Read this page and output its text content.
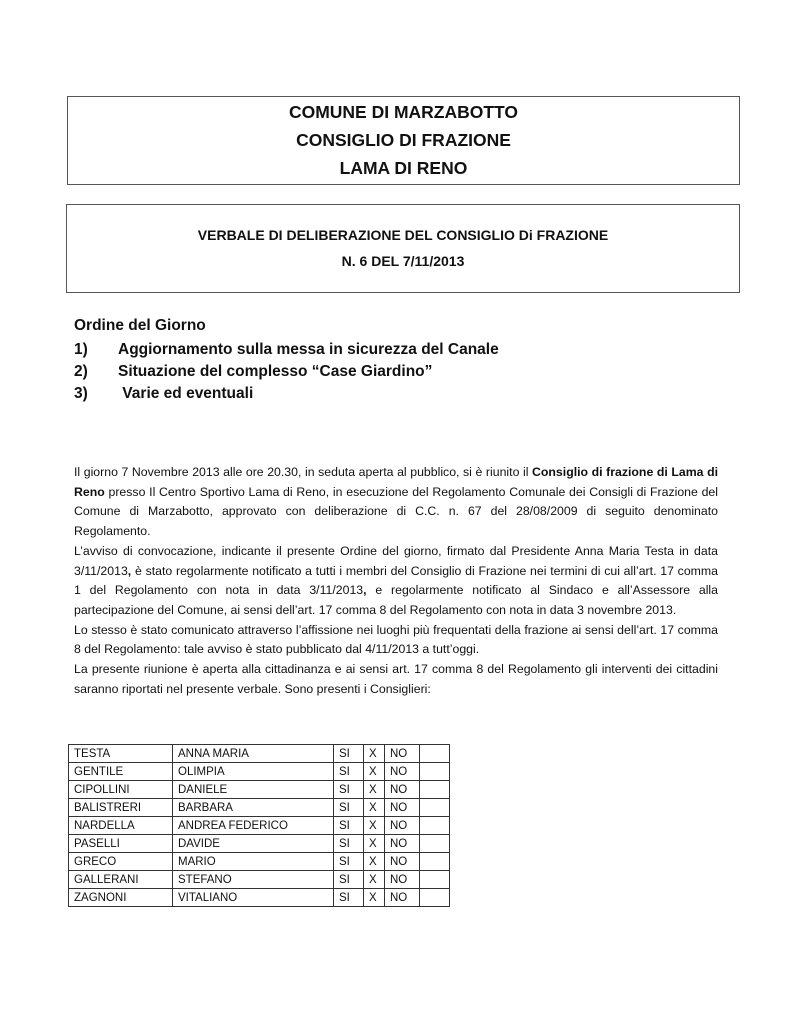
COMUNE DI MARZABOTTO
CONSIGLIO DI FRAZIONE
LAMA DI RENO
VERBALE DI DELIBERAZIONE DEL CONSIGLIO Di FRAZIONE
N. 6 DEL 7/11/2013
Ordine del Giorno
1)	Aggiornamento sulla messa in sicurezza del Canale
2)	Situazione del complesso “Case Giardino”
3)	Varie ed eventuali

Il giorno 7 Novembre 2013 alle ore 20.30, in seduta aperta al pubblico, si è riunito il Consiglio di frazione di Lama di Reno presso Il Centro Sportivo Lama di Reno, in esecuzione del Regolamento Comunale dei Consigli di Frazione del Comune di Marzabotto, approvato con deliberazione di C.C. n. 67 del 28/08/2009 di seguito denominato Regolamento.

L’avviso di convocazione, indicante il presente Ordine del giorno, firmato dal Presidente Anna Maria Testa in data 3/11/2013, è stato regolarmente notificato a tutti i membri del Consiglio di Frazione nei termini di cui all’art. 17 comma 1 del Regolamento con nota in data 3/11/2013, e regolarmente notificato al Sindaco e all’Assessore alla partecipazione del Comune, ai sensi dell’art. 17 comma 8 del Regolamento con nota in data 3 novembre 2013.

Lo stesso è stato comunicato attraverso l’affissione nei luoghi più frequentati della frazione ai sensi dell’art. 17 comma 8 del Regolamento: tale avviso è stato pubblicato dal 4/11/2013 a tutt’oggi.

La presente riunione è aperta alla cittadinanza e ai sensi art. 17 comma 8 del Regolamento gli interventi dei cittadini saranno riportati nel presente verbale. Sono presenti i Consiglieri:

TESTA	ANNA MARIA	SI	X	NO	
GENTILE	OLIMPIA	SI	X	NO	
CIPOLLINI	DANIELE	SI	X	NO	
BALISTRERI	BARBARA	SI	X	NO	
NARDELLA	ANDREA FEDERICO	SI	X	NO	
PASELLI	DAVIDE	SI	X	NO	
GRECO	MARIO	SI	X	NO	
GALLERANI	STEFANO	SI	X	NO	
ZAGNONI	VITALIANO	SI	X	NO	
